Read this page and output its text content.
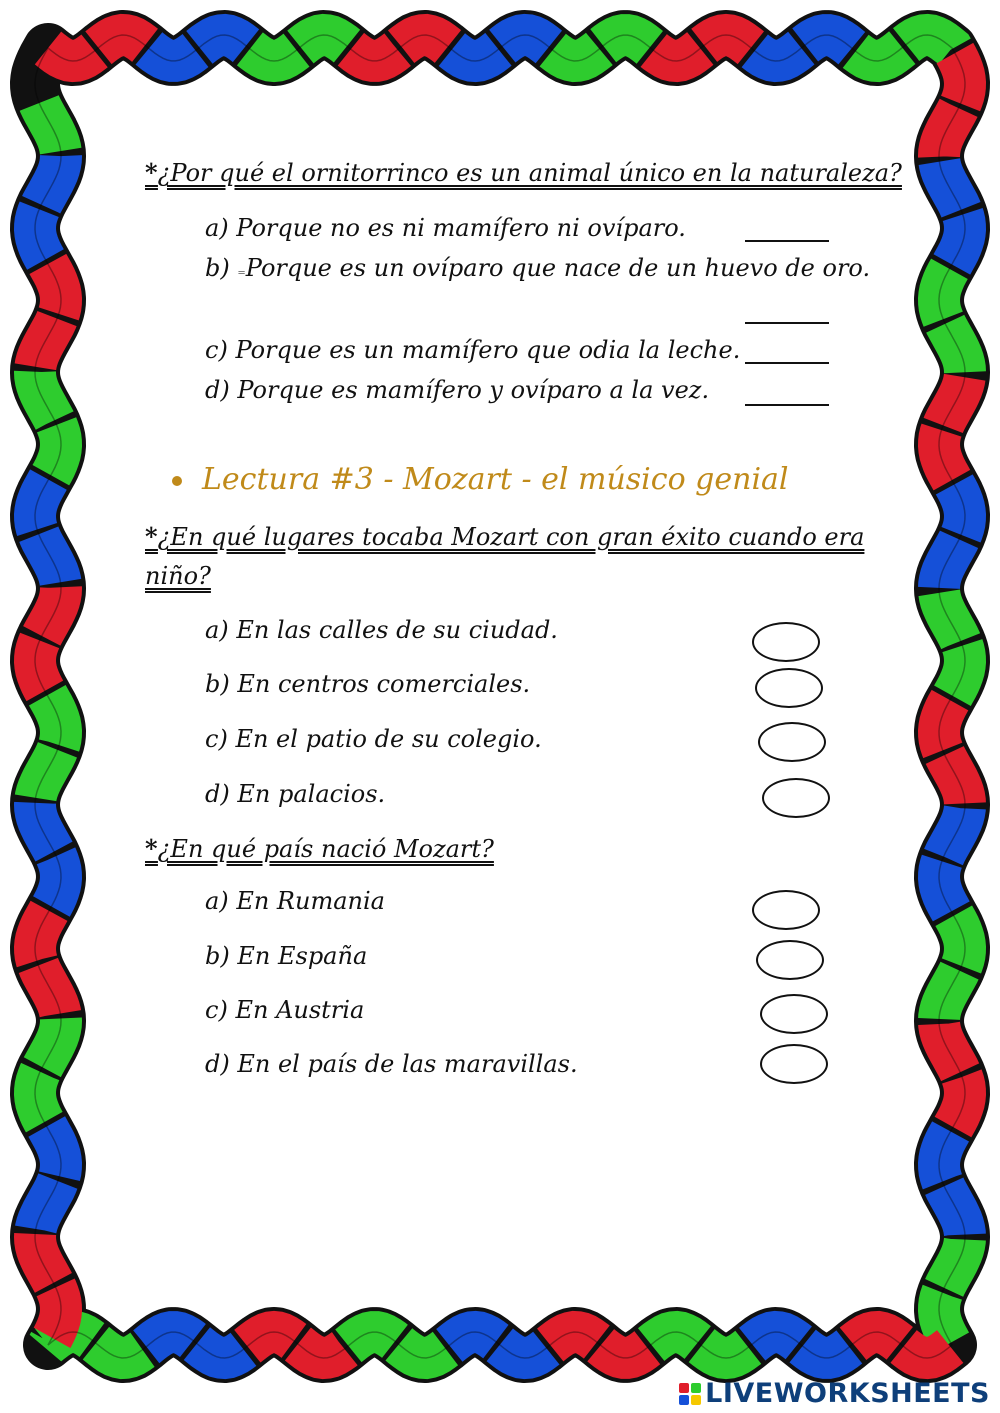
*¿Por qué el ornitorrinco es un animal único en la naturaleza?
a) Porque no es ni mamífero ni ovíparo.
b) =Porque es un ovíparo que nace de un huevo de oro.
c) Porque es un mamífero que odia la leche.
d) Porque es mamífero y ovíparo a la vez.
Lectura #3 - Mozart - el músico genial
*¿En qué lugares tocaba Mozart con gran éxito cuando era
niño?
a) En las calles de su ciudad.
b) En centros comerciales.
c) En el patio de su colegio.
d) En palacios.
*¿En qué país nació Mozart?
a) En Rumania
b) En España
c) En Austria
d) En el país de las maravillas.
LIVEWORKSHEETS
